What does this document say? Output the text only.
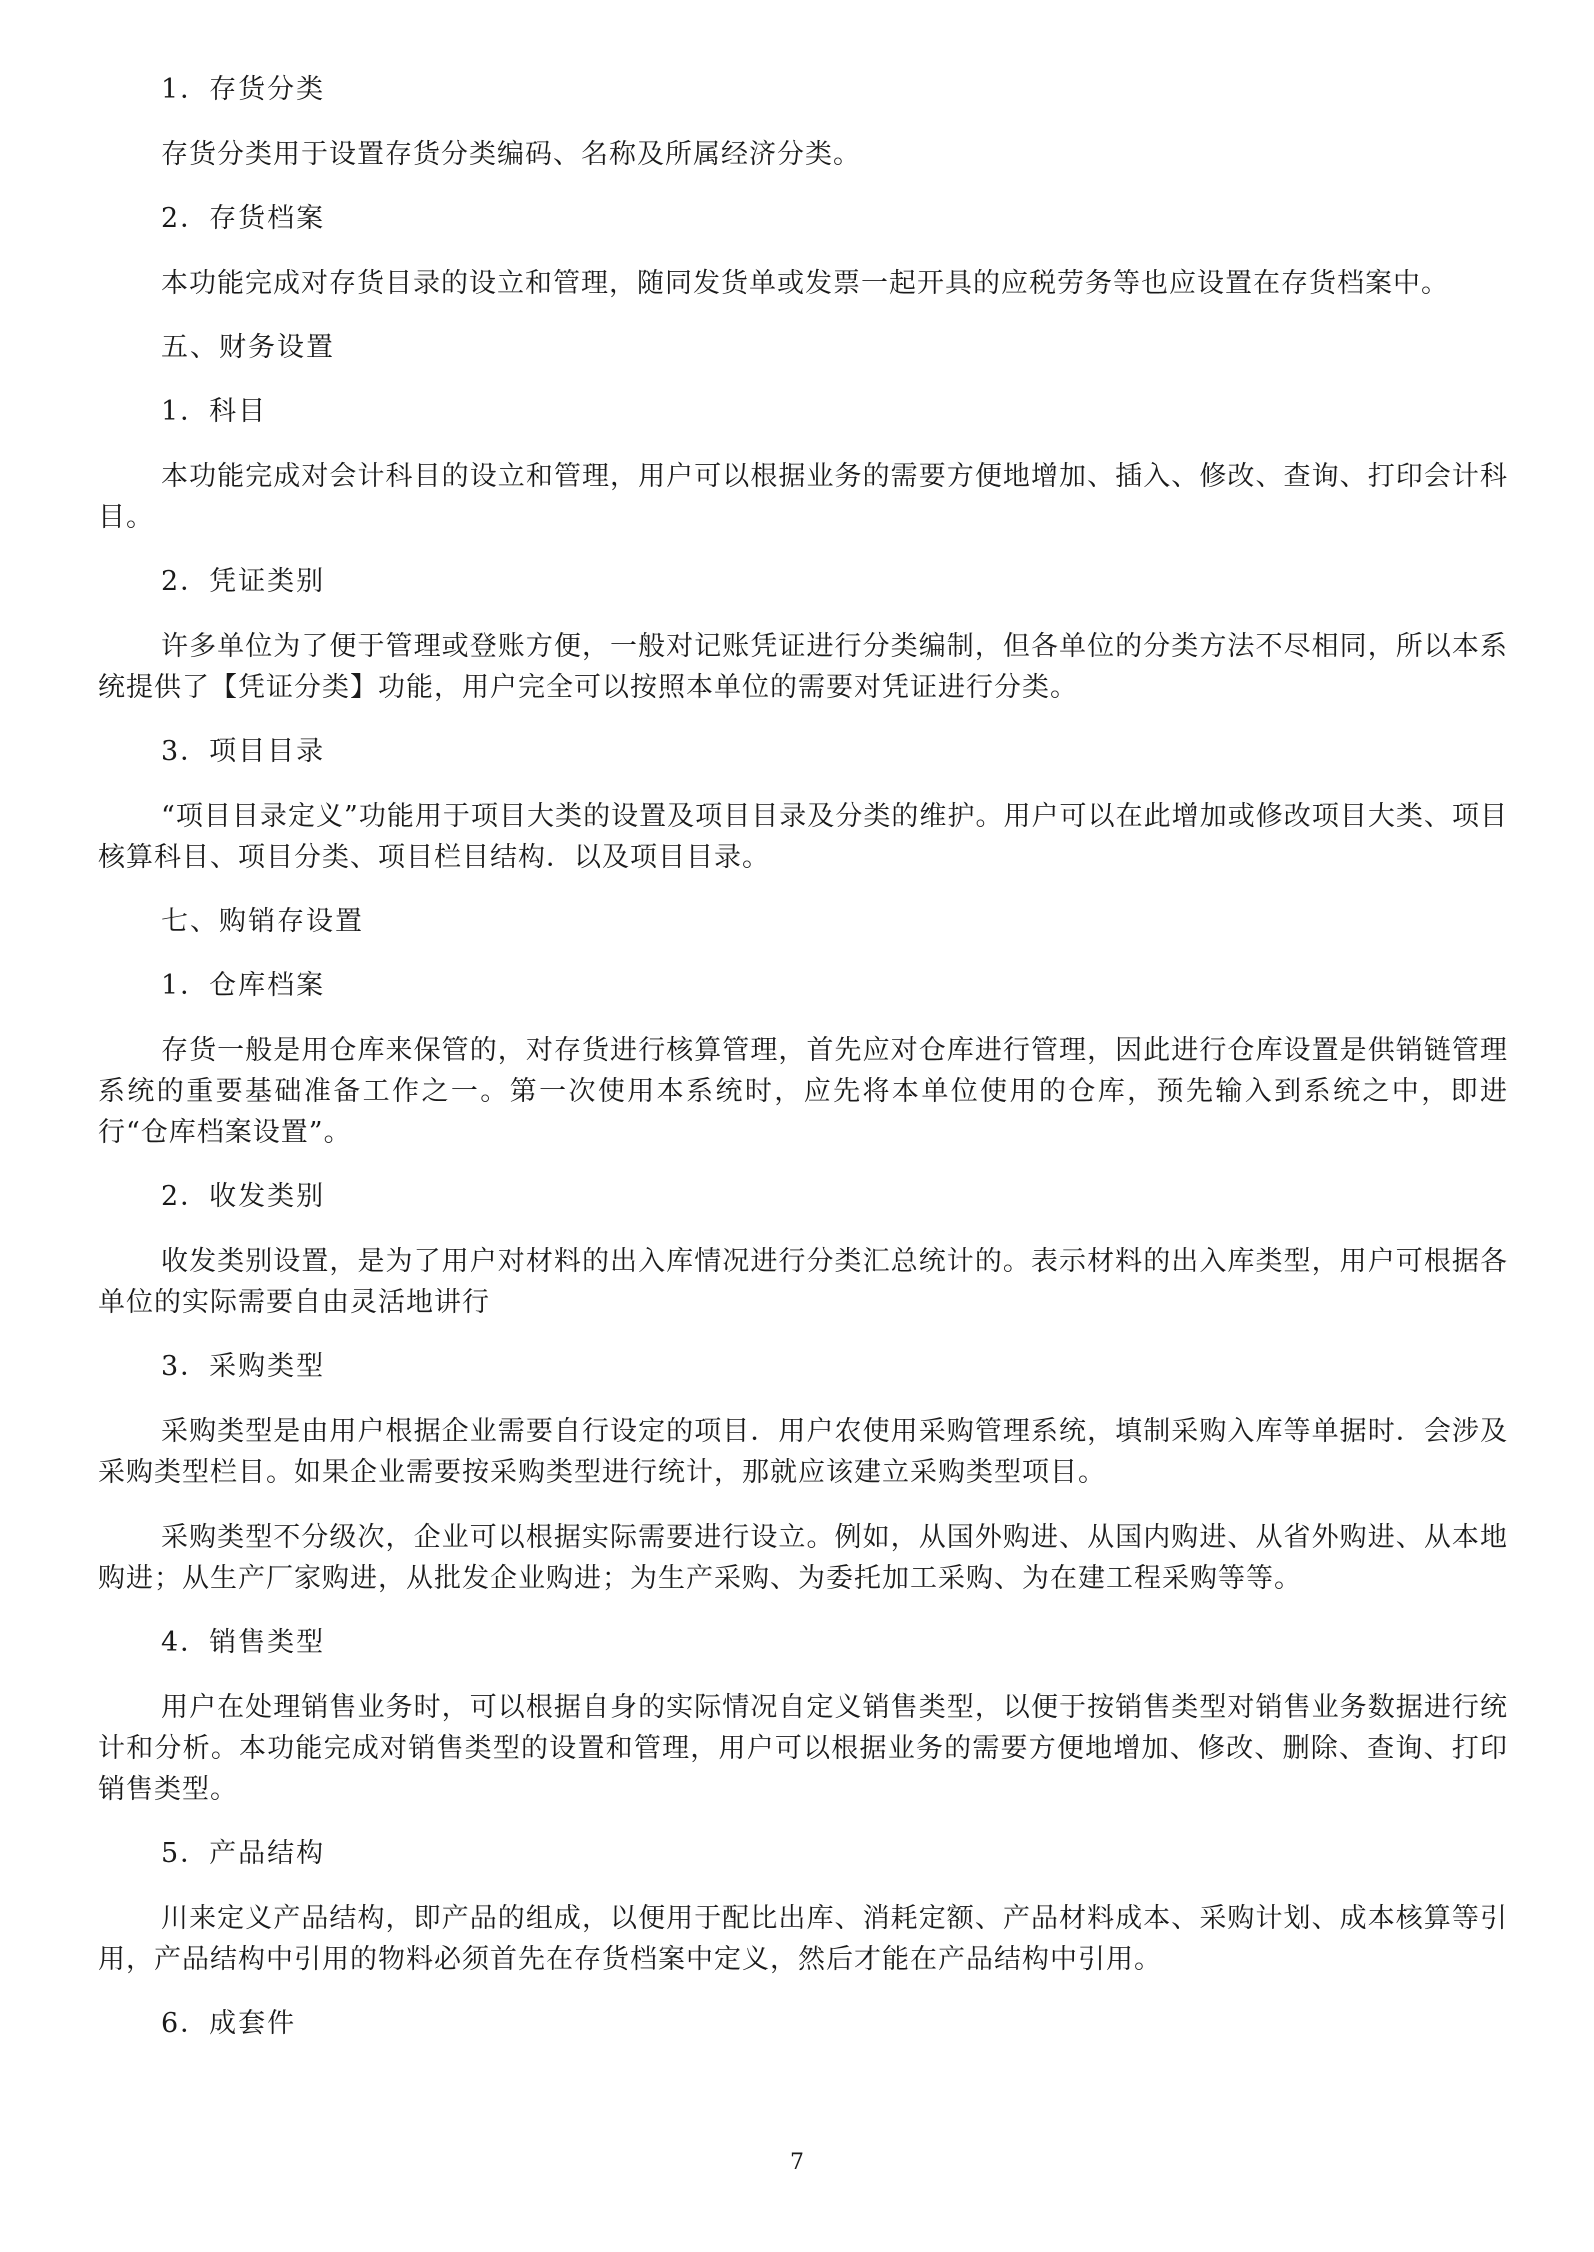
1．存货分类
存货分类用于设置存货分类编码、名称及所属经济分类。
2．存货档案
本功能完成对存货目录的设立和管理，随同发货单或发票一起开具的应税劳务等也应设置在存货档案中。
五、财务设置
1．科目
本功能完成对会计科目的设立和管理，用户可以根据业务的需要方便地增加、插入、修改、查询、打印会计科目。
2．凭证类别
许多单位为了便于管理或登账方便，一般对记账凭证进行分类编制，但各单位的分类方法不尽相同，所以本系统提供了【凭证分类】功能，用户完全可以按照本单位的需要对凭证进行分类。
3．项目目录
“项目目录定义”功能用于项目大类的设置及项目目录及分类的维护。用户可以在此增加或修改项目大类、项目核算科目、项目分类、项目栏目结构．以及项目目录。
七、购销存设置
1．仓库档案
存货一般是用仓库来保管的，对存货进行核算管理，首先应对仓库进行管理，因此进行仓库设置是供销链管理系统的重要基础准备工作之一。第一次使用本系统时，应先将本单位使用的仓库，预先输入到系统之中，即进行“仓库档案设置”。
2．收发类别
收发类别设置，是为了用户对材料的出入库情况进行分类汇总统计的。表示材料的出入库类型，用户可根据各单位的实际需要自由灵活地讲行
3．采购类型
采购类型是由用户根据企业需要自行设定的项目．用户农使用采购管理系统，填制采购入库等单据时．会涉及采购类型栏目。如果企业需要按采购类型进行统计，那就应该建立采购类型项目。
采购类型不分级次，企业可以根据实际需要进行设立。例如，从国外购进、从国内购进、从省外购进、从本地购进；从生产厂家购进，从批发企业购进；为生产采购、为委托加工采购、为在建工程采购等等。
4．销售类型
用户在处理销售业务时，可以根据自身的实际情况自定义销售类型，以便于按销售类型对销售业务数据进行统计和分析。本功能完成对销售类型的设置和管理，用户可以根据业务的需要方便地增加、修改、删除、查询、打印销售类型。
5．产品结构
川来定义产品结构，即产品的组成，以便用于配比出库、消耗定额、产品材料成本、采购计划、成本核算等引用，产品结构中引用的物料必须首先在存货档案中定义，然后才能在产品结构中引用。
6．成套件
7
